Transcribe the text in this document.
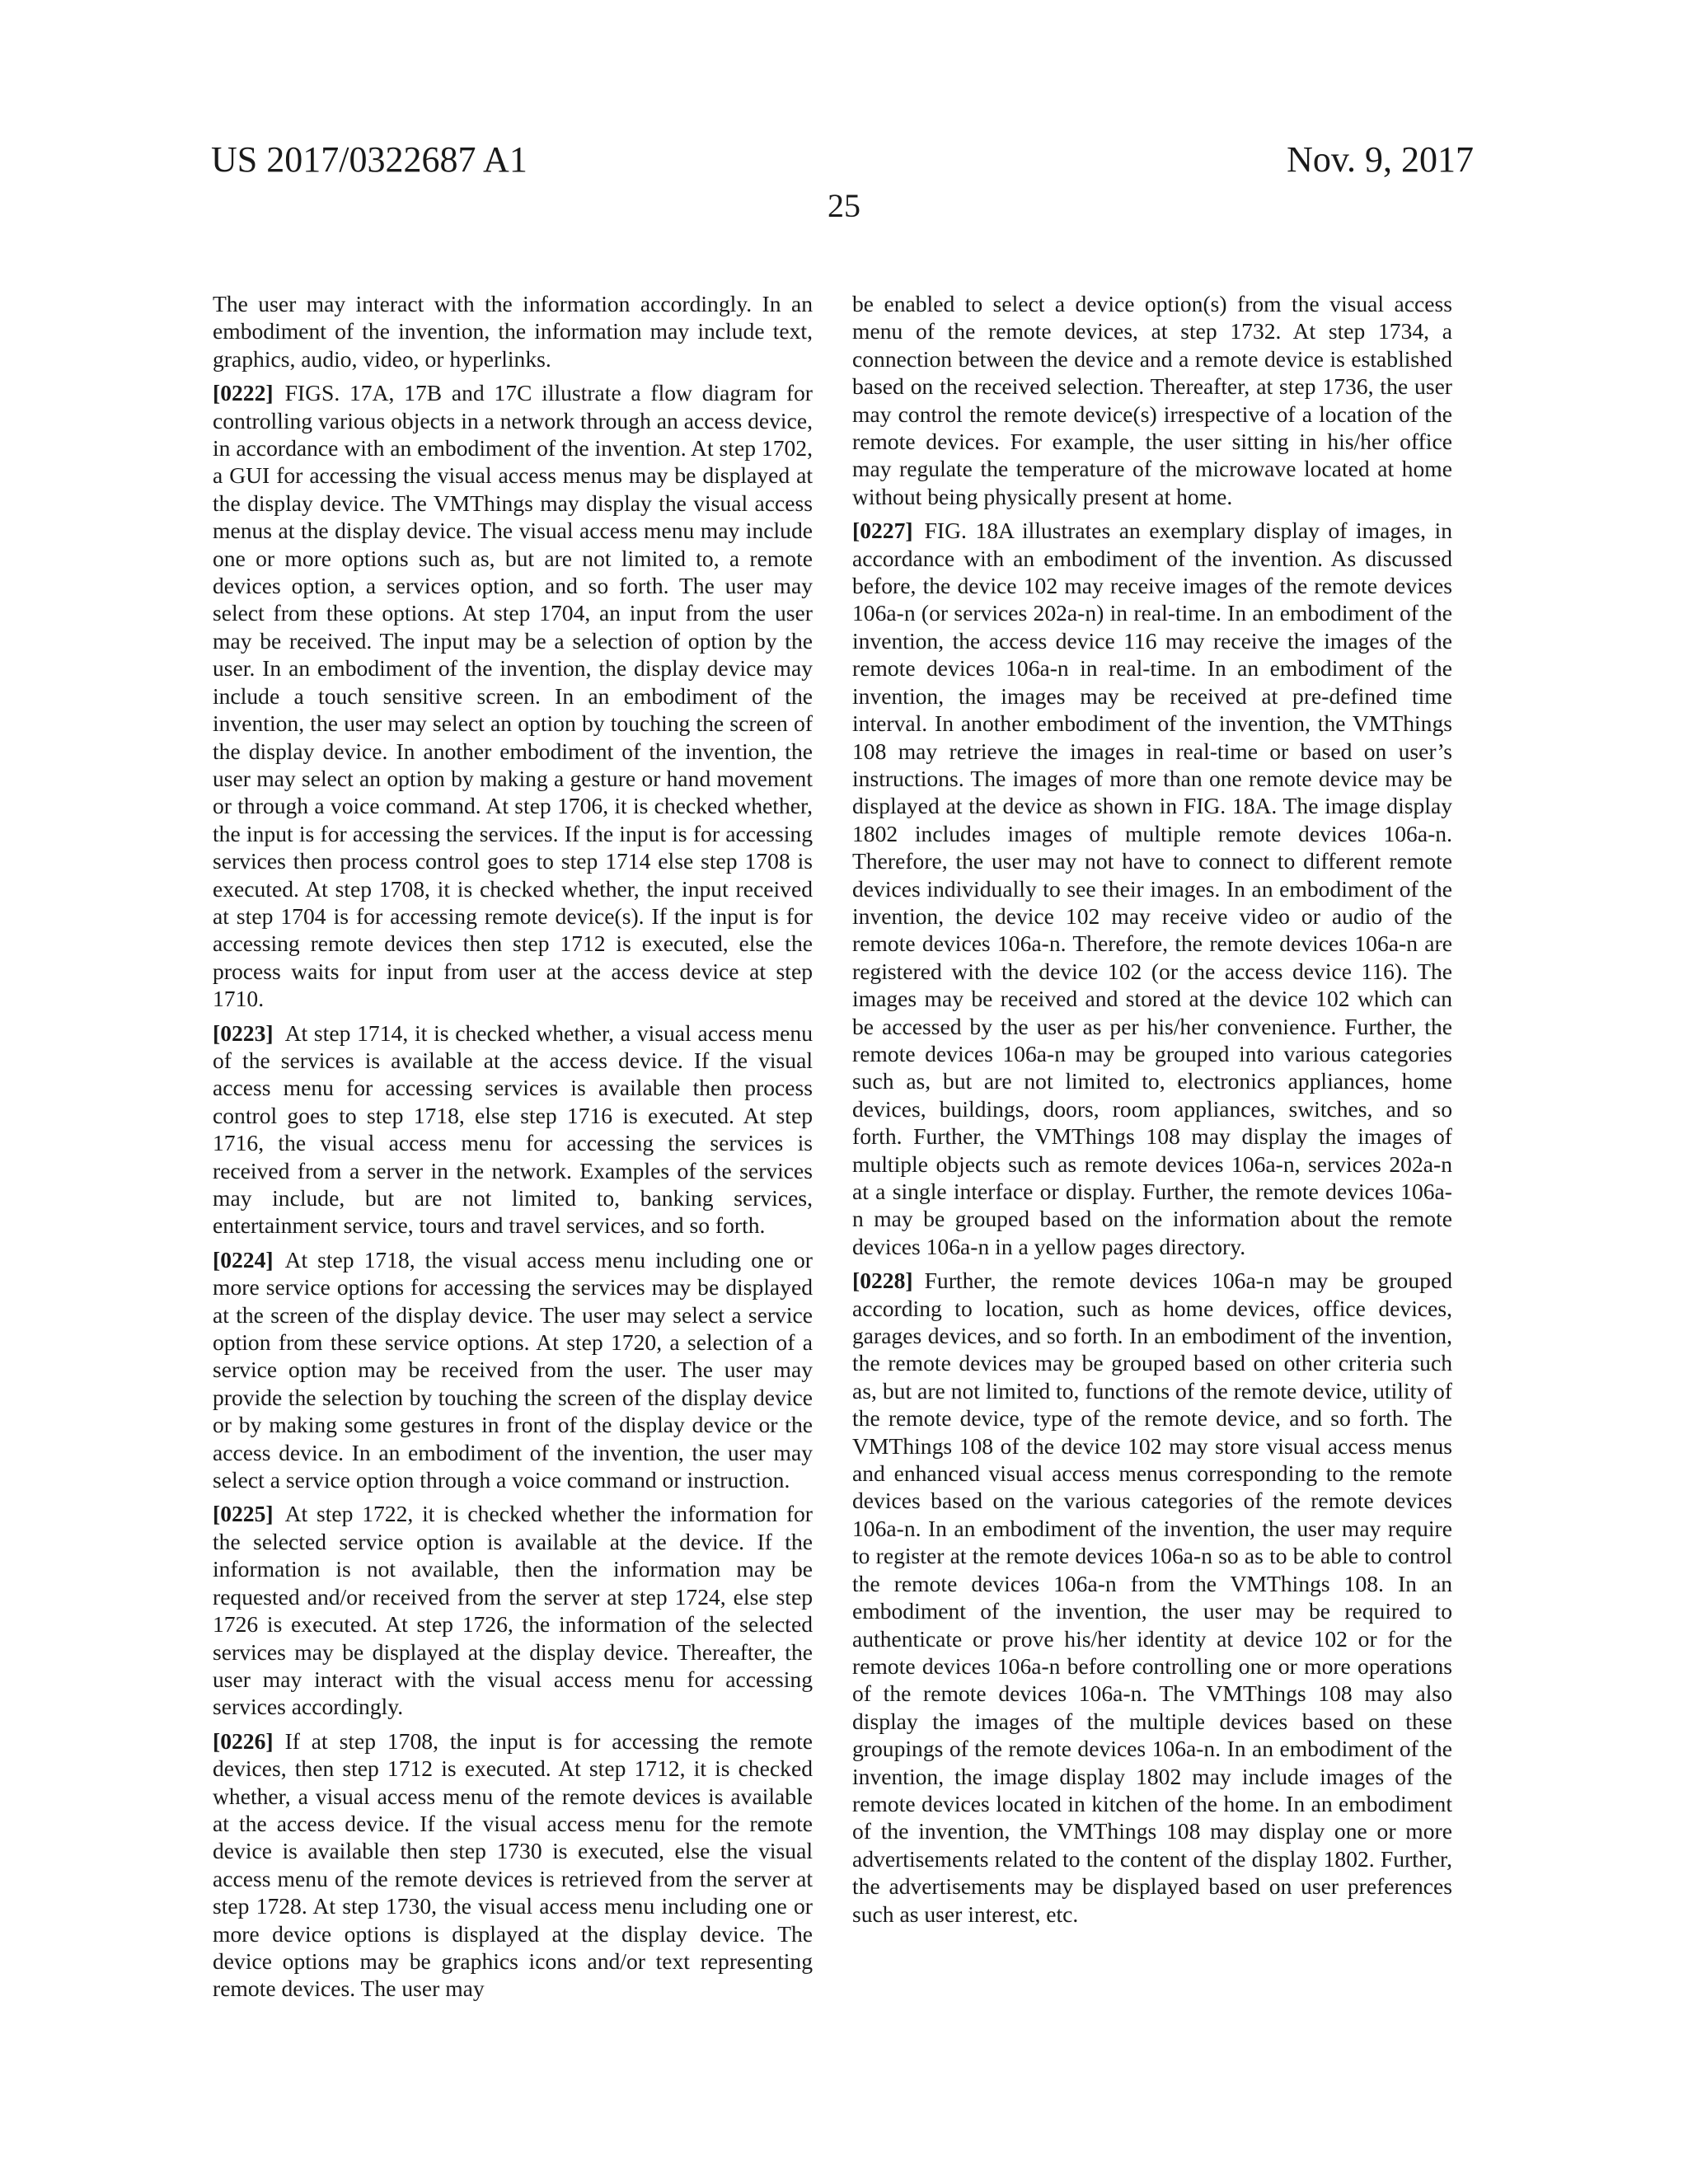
US 2017/0322687 A1	Nov. 9, 2017
25

The user may interact with the information accordingly. In an embodiment of the invention, the information may include text, graphics, audio, video, or hyperlinks.

[0222] FIGS. 17A, 17B and 17C illustrate a flow diagram for controlling various objects in a network through an access device, in accordance with an embodiment of the invention. At step 1702, a GUI for accessing the visual access menus may be displayed at the display device. The VMThings may display the visual access menus at the display device. The visual access menu may include one or more options such as, but are not limited to, a remote devices option, a services option, and so forth. The user may select from these options. At step 1704, an input from the user may be received. The input may be a selection of option by the user. In an embodiment of the invention, the display device may include a touch sensitive screen. In an embodiment of the invention, the user may select an option by touching the screen of the display device. In another embodiment of the invention, the user may select an option by making a gesture or hand movement or through a voice command. At step 1706, it is checked whether, the input is for accessing the services. If the input is for accessing services then process control goes to step 1714 else step 1708 is executed. At step 1708, it is checked whether, the input received at step 1704 is for accessing remote device(s). If the input is for accessing remote devices then step 1712 is executed, else the process waits for input from user at the access device at step 1710.

[0223] At step 1714, it is checked whether, a visual access menu of the services is available at the access device. If the visual access menu for accessing services is available then process control goes to step 1718, else step 1716 is executed. At step 1716, the visual access menu for accessing the services is received from a server in the network. Examples of the services may include, but are not limited to, banking services, entertainment service, tours and travel services, and so forth.

[0224] At step 1718, the visual access menu including one or more service options for accessing the services may be displayed at the screen of the display device. The user may select a service option from these service options. At step 1720, a selection of a service option may be received from the user. The user may provide the selection by touching the screen of the display device or by making some gestures in front of the display device or the access device. In an embodiment of the invention, the user may select a service option through a voice command or instruction.

[0225] At step 1722, it is checked whether the information for the selected service option is available at the device. If the information is not available, then the information may be requested and/or received from the server at step 1724, else step 1726 is executed. At step 1726, the information of the selected services may be displayed at the display device. Thereafter, the user may interact with the visual access menu for accessing services accordingly.

[0226] If at step 1708, the input is for accessing the remote devices, then step 1712 is executed. At step 1712, it is checked whether, a visual access menu of the remote devices is available at the access device. If the visual access menu for the remote device is available then step 1730 is executed, else the visual access menu of the remote devices is retrieved from the server at step 1728. At step 1730, the visual access menu including one or more device options is displayed at the display device. The device options may be graphics icons and/or text representing remote devices. The user may

be enabled to select a device option(s) from the visual access menu of the remote devices, at step 1732. At step 1734, a connection between the device and a remote device is established based on the received selection. Thereafter, at step 1736, the user may control the remote device(s) irrespective of a location of the remote devices. For example, the user sitting in his/her office may regulate the temperature of the microwave located at home without being physically present at home.

[0227] FIG. 18A illustrates an exemplary display of images, in accordance with an embodiment of the invention. As discussed before, the device 102 may receive images of the remote devices 106a-n (or services 202a-n) in real-time. In an embodiment of the invention, the access device 116 may receive the images of the remote devices 106a-n in real-time. In an embodiment of the invention, the images may be received at pre-defined time interval. In another embodiment of the invention, the VMThings 108 may retrieve the images in real-time or based on user’s instructions. The images of more than one remote device may be displayed at the device as shown in FIG. 18A. The image display 1802 includes images of multiple remote devices 106a-n. Therefore, the user may not have to connect to different remote devices individually to see their images. In an embodiment of the invention, the device 102 may receive video or audio of the remote devices 106a-n. Therefore, the remote devices 106a-n are registered with the device 102 (or the access device 116). The images may be received and stored at the device 102 which can be accessed by the user as per his/her convenience. Further, the remote devices 106a-n may be grouped into various categories such as, but are not limited to, electronics appliances, home devices, buildings, doors, room appliances, switches, and so forth. Further, the VMThings 108 may display the images of multiple objects such as remote devices 106a-n, services 202a-n at a single interface or display. Further, the remote devices 106a-n may be grouped based on the information about the remote devices 106a-n in a yellow pages directory.

[0228] Further, the remote devices 106a-n may be grouped according to location, such as home devices, office devices, garages devices, and so forth. In an embodiment of the invention, the remote devices may be grouped based on other criteria such as, but are not limited to, functions of the remote device, utility of the remote device, type of the remote device, and so forth. The VMThings 108 of the device 102 may store visual access menus and enhanced visual access menus corresponding to the remote devices based on the various categories of the remote devices 106a-n. In an embodiment of the invention, the user may require to register at the remote devices 106a-n so as to be able to control the remote devices 106a-n from the VMThings 108. In an embodiment of the invention, the user may be required to authenticate or prove his/her identity at device 102 or for the remote devices 106a-n before controlling one or more operations of the remote devices 106a-n. The VMThings 108 may also display the images of the multiple devices based on these groupings of the remote devices 106a-n. In an embodiment of the invention, the image display 1802 may include images of the remote devices located in kitchen of the home. In an embodiment of the invention, the VMThings 108 may display one or more advertisements related to the content of the display 1802. Further, the advertisements may be displayed based on user preferences such as user interest, etc.
